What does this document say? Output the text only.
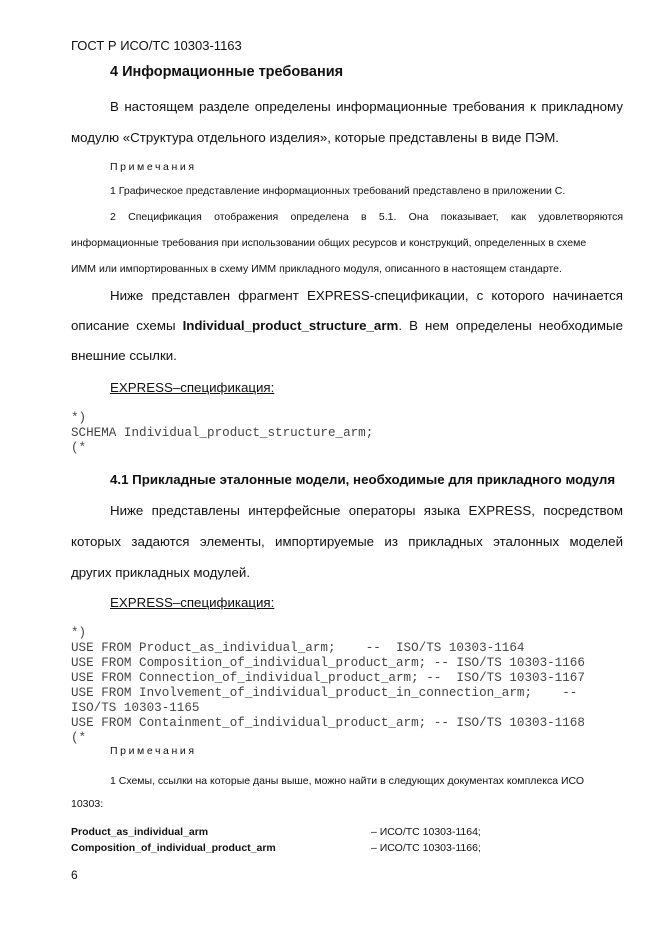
ГОСТ Р ИСО/ТС 10303-1163
4 Информационные требования
В настоящем разделе определены информационные требования к прикладному
модулю «Структура отдельного изделия», которые представлены в виде ПЭМ.
Примечания
1 Графическое представление информационных требований представлено в приложении С.
2 Спецификация отображения определена в 5.1. Она показывает, как удовлетворяются
информационные требования при использовании общих ресурсов и конструкций, определенных в схеме
ИММ или импортированных в схему ИММ прикладного модуля, описанного в настоящем стандарте.
Ниже представлен фрагмент EXPRESS-спецификации, с которого начинается
описание схемы Individual_product_structure_arm. В нем определены необходимые
внешние ссылки.
EXPRESS–спецификация:
*)
SCHEMA Individual_product_structure_arm;
(*
4.1 Прикладные эталонные модели, необходимые для прикладного модуля
Ниже представлены интерфейсные операторы языка EXPRESS, посредством
которых задаются элементы, импортируемые из прикладных эталонных моделей
других прикладных модулей.
EXPRESS–спецификация:
*)
USE FROM Product_as_individual_arm;    --  ISO/TS 10303-1164
USE FROM Composition_of_individual_product_arm; -- ISO/TS 10303-1166
USE FROM Connection_of_individual_product_arm; --  ISO/TS 10303-1167
USE FROM Involvement_of_individual_product_in_connection_arm;    --
ISO/TS 10303-1165
USE FROM Containment_of_individual_product_arm; -- ISO/TS 10303-1168
(*
Примечания
1 Схемы, ссылки на которые даны выше, можно найти в следующих документах комплекса ИСО
10303:
Product_as_individual_arm	– ИСО/ТС 10303-1164;
Composition_of_individual_product_arm	– ИСО/ТС 10303-1166;
6
